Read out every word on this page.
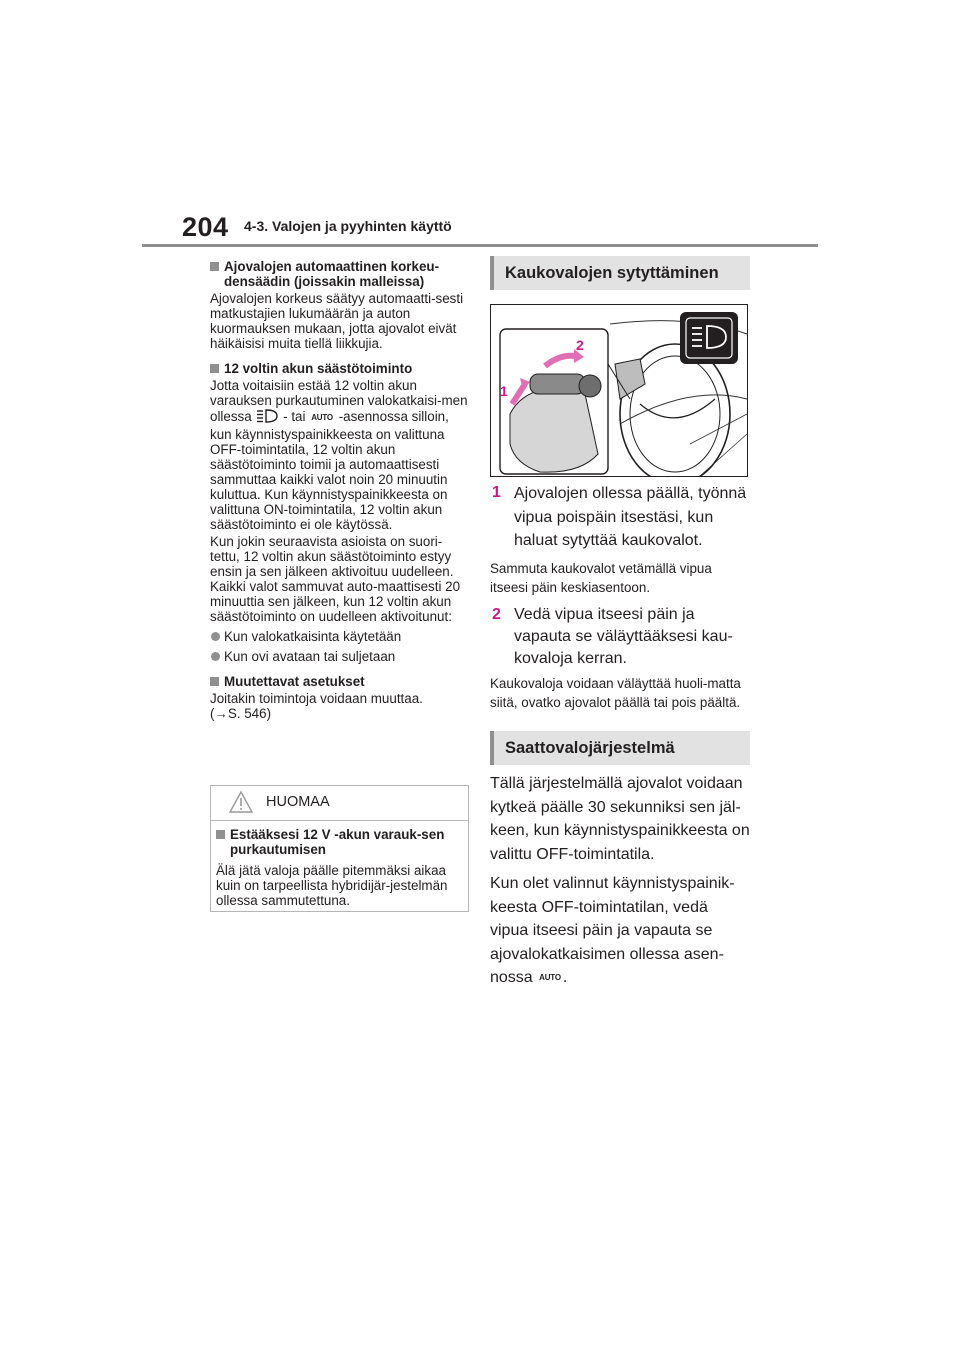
204 4-3. Valojen ja pyyhinten käyttö
Ajovalojen automaattinen korkeu-densäädin (joissakin malleissa)
Ajovalojen korkeus säätyy automaatti-sesti matkustajien lukumäärän ja auton kuormauksen mukaan, jotta ajovalot eivät häikäisisi muita tiellä liikkujia.
12 voltin akun säästötoiminto
Jotta voitaisiin estää 12 voltin akun varauksen purkautuminen valokatkaisi-men ollessa - tai AUTO -asennossa silloin, kun käynnistyspainikkeesta on valittuna OFF-toimintatila, 12 voltin akun säästötoiminto toimii ja automaattisesti sammuttaa kaikki valot noin 20 minuutin kuluttua. Kun käynnistyspainikkeesta on valittuna ON-toimintatila, 12 voltin akun säästötoiminto ei ole käytössä.
Kun jokin seuraavista asioista on suori-tettu, 12 voltin akun säästötoiminto estyy ensin ja sen jälkeen aktivoituu uudelleen. Kaikki valot sammuvat auto-maattisesti 20 minuuttia sen jälkeen, kun 12 voltin akun säästötoiminto on uudelleen aktivoitunut:
Kun valokatkaisinta käytetään
Kun ovi avataan tai suljetaan
Muutettavat asetukset
Joitakin toimintoja voidaan muuttaa.
(→S. 546)
HUOMAA
Estääksesi 12 V -akun varauk-sen purkautumisen
Älä jätä valoja päälle pitemmäksi aikaa kuin on tarpeellista hybridijär-jestelmän ollessa sammutettuna.
Kaukovalojen sytyttäminen
1
2
1 Ajovalojen ollessa päällä, työnnä vipua poispäin itsestäsi, kun haluat sytyttää kaukovalot.
Sammuta kaukovalot vetämällä vipua itseesi päin keskiasentoon.
2 Vedä vipua itseesi päin ja vapauta se väläyttääksesi kau-kovaloja kerran.
Kaukovaloja voidaan väläyttää huoli-matta siitä, ovatko ajovalot päällä tai pois päältä.
Saattovalojärjestelmä
Tällä järjestelmällä ajovalot voidaan kytkeä päälle 30 sekunniksi sen jäl-keen, kun käynnistyspainikkeesta on valittu OFF-toimintatila.
Kun olet valinnut käynnistyspainik-keesta OFF-toimintatilan, vedä vipua itseesi päin ja vapauta se ajovalokatkaisimen ollessa asen-nossa AUTO .
